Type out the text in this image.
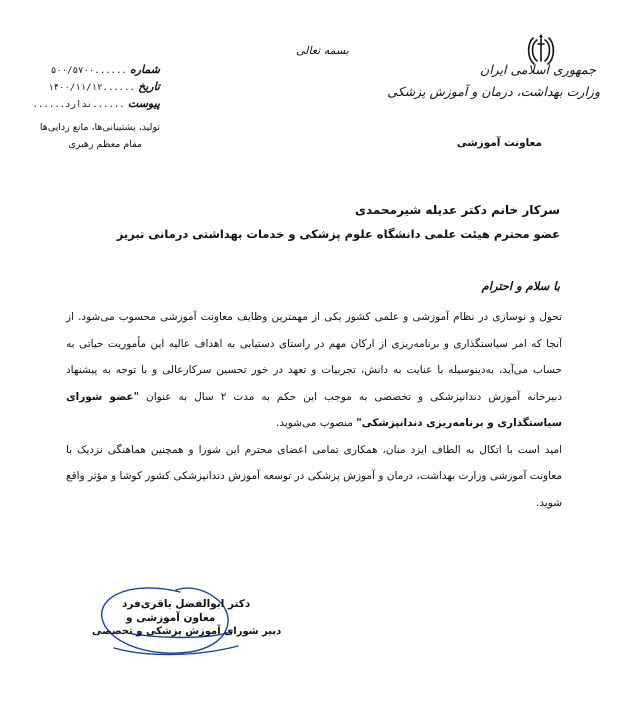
جمهوری اسلامی ایران
وزارت بهداشت، درمان و آموزش پزشکی
معاونت آموزشی
بسمه تعالی
شماره ......۵۰۰/۵۷۰۰
تاریخ ......۱۴۰۰/۱۱/۱۲
پیوست ......ندارد......
تولید، پشتیبانی‌ها، مانع زدایی‌ها
مقام معظم رهبری
سرکار خانم دکتر عدیله شیرمحمدی
عضو محترم هیئت علمی دانشگاه علوم پزشکی و خدمات بهداشتی درمانی تبریز
با سلام و احترام

تحول و نوسازی در نظام آموزشی و علمی کشور یکی از مهمترین وظایف معاونت آموزشی محسوب می‌شود. از آنجا که امر سیاستگذاری و برنامه‌ریزی از ارکان مهم در راستای دستیابی به اهداف عالیه این مأموریت حیاتی به حساب می‌آید، به‌دینوسیله با عنایت به دانش، تجربیات و تعهد در خور تحسین سرکارعالی و با توجه به پیشنهاد دبیرخانه آموزش دندانپزشکی و تخصصی به موجب این حکم به مدت ۲ سال به عنوان "عضو شورای سیاستگذاری و برنامه‌ریزی دندانپزشکی" منصوب می‌شوید.

امید است با اتکال به الطاف ایزد منان، همکاری تمامی اعضای محترم این شورا و همچنین هماهنگی نزدیک با معاونت آموزشی وزارت بهداشت، درمان و آموزش پزشکی در توسعه آموزش دندانپزشکی کشور کوشا و مؤثر واقع شوید.

دکتر ابوالفضل باقری‌فرد
معاون آموزشی و
دبیر شورای آموزش پزشکی و تخصصی
